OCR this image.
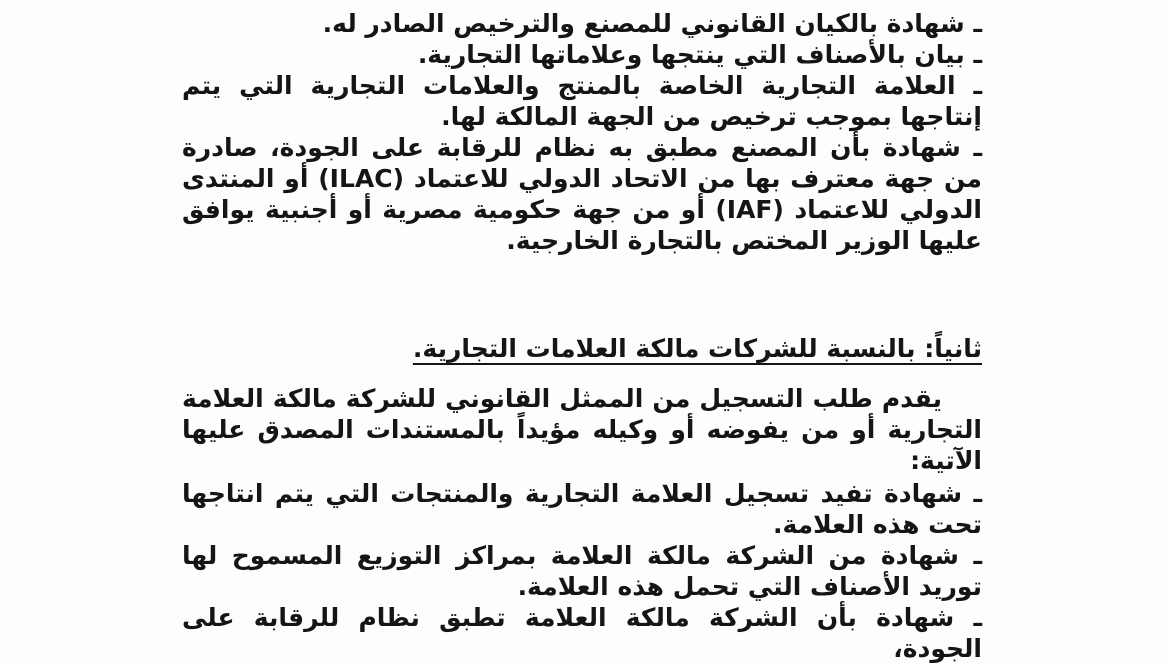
ـ شهادة بالكيان القانوني للمصنع والترخيص الصادر له.

ـ بيان بالأصناف التي ينتجها وعلاماتها التجارية.

ـ العلامة التجارية الخاصة بالمنتج والعلامات التجارية التي يتم إنتاجها بموجب ترخيص من الجهة المالكة لها.

ـ شهادة بأن المصنع مطبق به نظام للرقابة على الجودة، صادرة من جهة معترف بها من الاتحاد الدولي للاعتماد (ILAC) أو المنتدى الدولي للاعتماد (IAF) أو من جهة حكومية مصرية أو أجنبية يوافق عليها الوزير المختص بالتجارة الخارجية.

ثانياً: بالنسبة للشركات مالكة العلامات التجارية.

يقدم طلب التسجيل من الممثل القانوني للشركة مالكة العلامة التجارية أو من يفوضه أو وكيله مؤيداً بالمستندات المصدق عليها الآتية:

ـ شهادة تفيد تسجيل العلامة التجارية والمنتجات التي يتم انتاجها تحت هذه العلامة.

ـ شهادة من الشركة مالكة العلامة بمراكز التوزيع المسموح لها توريد الأصناف التي تحمل هذه العلامة.

ـ شهادة بأن الشركة مالكة العلامة تطبق نظام للرقابة على الجودة،
